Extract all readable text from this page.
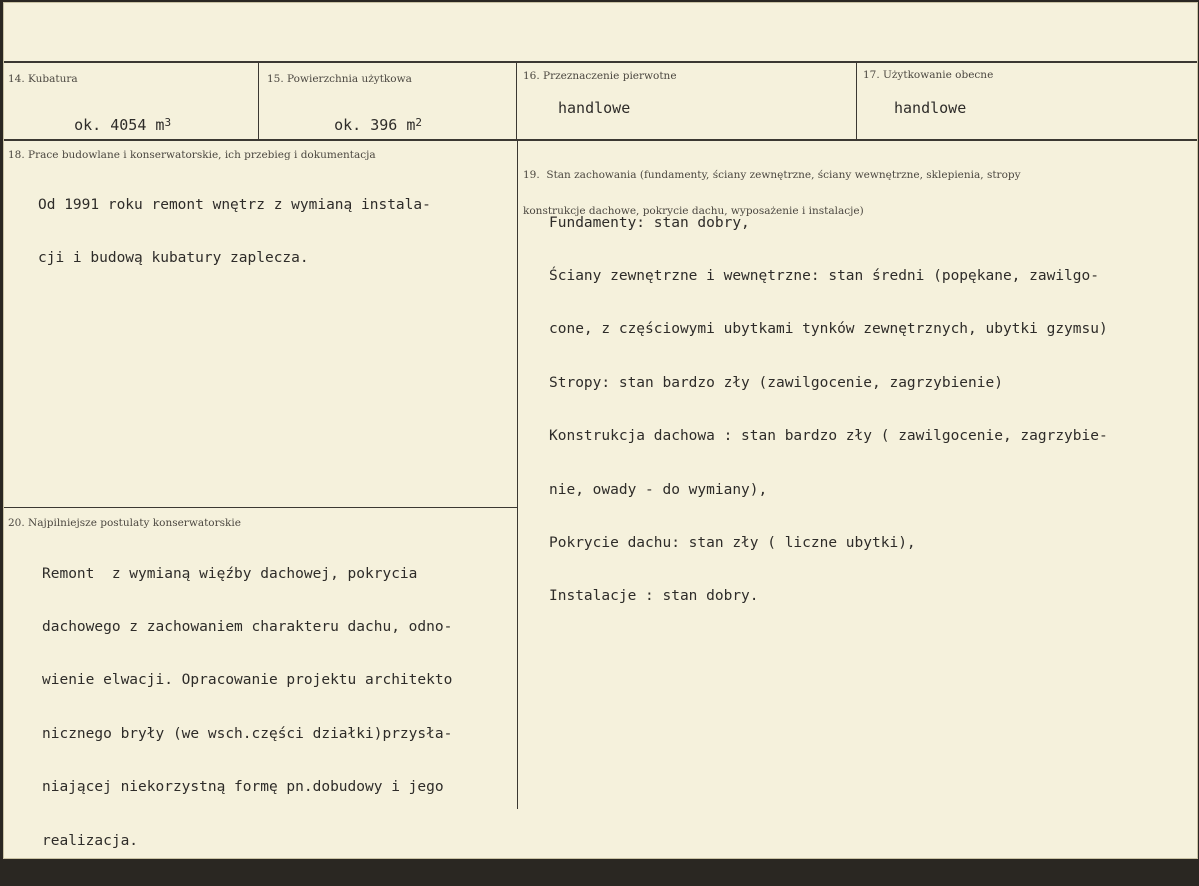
14. Kubatura

ok. 4054 $m^3$

15. Powierzchnia użytkowa

ok. 396 $m^2$

16. Przeznaczenie pierwotne
handlowe
17. Użytkowanie obecne
handlowe
18. Prace budowlane i konserwatorskie, ich przebieg i dokumentacja

Od 1991 roku remont wnętrz z wymianą instala-

cji i budową kubatury zaplecza.

19.  Stan zachowania (fundamenty, ściany zewnętrzne, ściany wewnętrzne, sklepienia, stropy

konstrukcje dachowe, pokrycie dachu, wyposażenie i instalacje)

Fundamenty: stan dobry,

Ściany zewnętrzne i wewnętrzne: stan średni (popękane, zawilgo-

cone, z częściowymi ubytkami tynków zewnętrznych, ubytki gzymsu)

Stropy: stan bardzo zły (zawilgocenie, zagrzybienie)

Konstrukcja dachowa : stan bardzo zły ( zawilgocenie, zagrzybie-

nie, owady - do wymiany),

Pokrycie dachu: stan zły ( liczne ubytki),

Instalacje : stan dobry.

20. Najpilniejsze postulaty konserwatorskie

Remont  z wymianą więźby dachowej, pokrycia

dachowego z zachowaniem charakteru dachu, odno-

wienie elwacji. Opracowanie projektu architekto

nicznego bryły (we wsch.części działki)przysła-

niającej niekorzystną formę pn.dobudowy i jego

realizacja.
